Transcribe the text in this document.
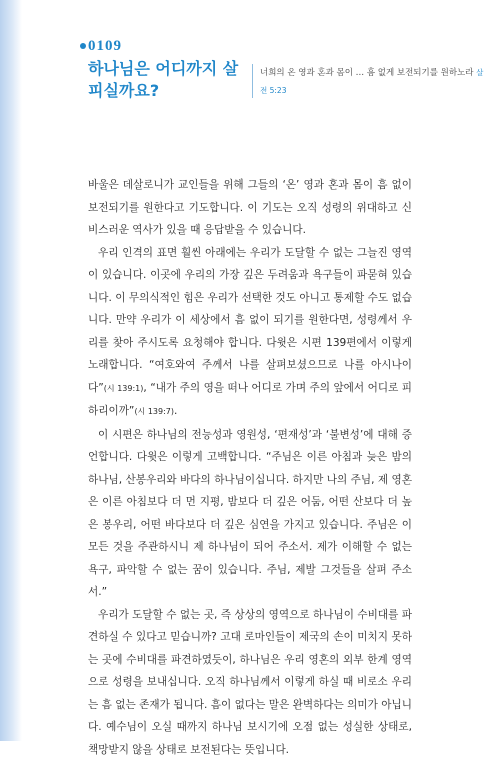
0109
하나님은 어디까지 살피실까요?
너희의 온 영과 혼과 몸이 … 흠 없게 보전되기를 원하노라 살전 5:23

바울은 데살로니가 교인들을 위해 그들의 ‘온’ 영과 혼과 몸이 흠 없이 보전되기를 원한다고 기도합니다. 이 기도는 오직 성령의 위대하고 신비스러운 역사가 있을 때 응답받을 수 있습니다.

우리 인격의 표면 훨씬 아래에는 우리가 도달할 수 없는 그늘진 영역이 있습니다. 이곳에 우리의 가장 깊은 두려움과 욕구들이 파묻혀 있습니다. 이 무의식적인 힘은 우리가 선택한 것도 아니고 통제할 수도 없습니다. 만약 우리가 이 세상에서 흠 없이 되기를 원한다면, 성령께서 우리를 찾아 주시도록 요청해야 합니다. 다윗은 시편 139편에서 이렇게 노래합니다. “여호와여 주께서 나를 살펴보셨으므로 나를 아시나이다”(시 139:1), “내가 주의 영을 떠나 어디로 가며 주의 앞에서 어디로 피하리이까”(시 139:7).

이 시편은 하나님의 전능성과 영원성, ‘편재성’과 ‘불변성’에 대해 증언합니다. 다윗은 이렇게 고백합니다. “주님은 이른 아침과 늦은 밤의 하나님, 산봉우리와 바다의 하나님이십니다. 하지만 나의 주님, 제 영혼은 이른 아침보다 더 먼 지평, 밤보다 더 깊은 어둠, 어떤 산보다 더 높은 봉우리, 어떤 바다보다 더 깊은 심연을 가지고 있습니다. 주님은 이 모든 것을 주관하시니 제 하나님이 되어 주소서. 제가 이해할 수 없는 욕구, 파악할 수 없는 꿈이 있습니다. 주님, 제발 그것들을 살펴 주소서.”

우리가 도달할 수 없는 곳, 즉 상상의 영역으로 하나님이 수비대를 파견하실 수 있다고 믿습니까? 고대 로마인들이 제국의 손이 미치지 못하는 곳에 수비대를 파견하였듯이, 하나님은 우리 영혼의 외부 한계 영역으로 성령을 보내십니다. 오직 하나님께서 이렇게 하실 때 비로소 우리는 흠 없는 존재가 됩니다. 흠이 없다는 말은 완벽하다는 의미가 아닙니다. 예수님이 오실 때까지 하나님 보시기에 오점 없는 성실한 상태로, 책망받지 않을 상태로 보전된다는 뜻입니다.
